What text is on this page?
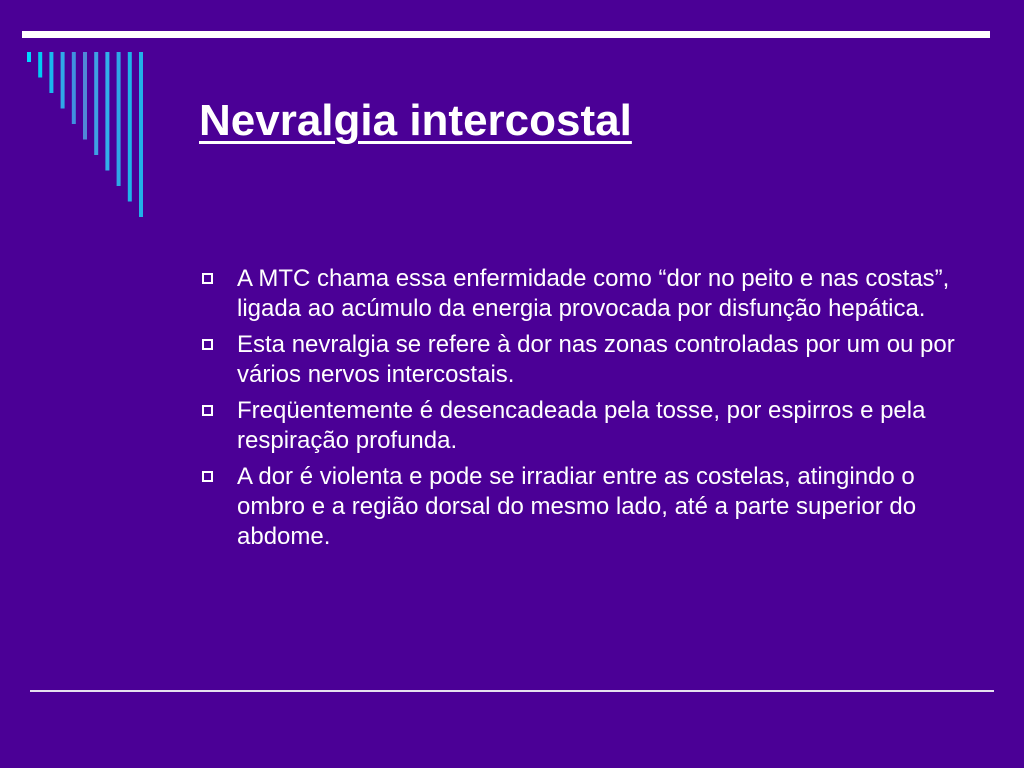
Nevralgia intercostal
A MTC chama essa enfermidade como “dor no peito e nas costas”, ligada ao acúmulo da energia provocada por disfunção hepática.
Esta nevralgia se refere à dor nas zonas controladas por um ou por vários nervos intercostais.
Freqüentemente é desencadeada pela tosse, por espirros e pela respiração profunda.
A dor é violenta e pode se irradiar entre as costelas, atingindo o ombro e a região dorsal do mesmo lado, até a parte superior do abdome.
